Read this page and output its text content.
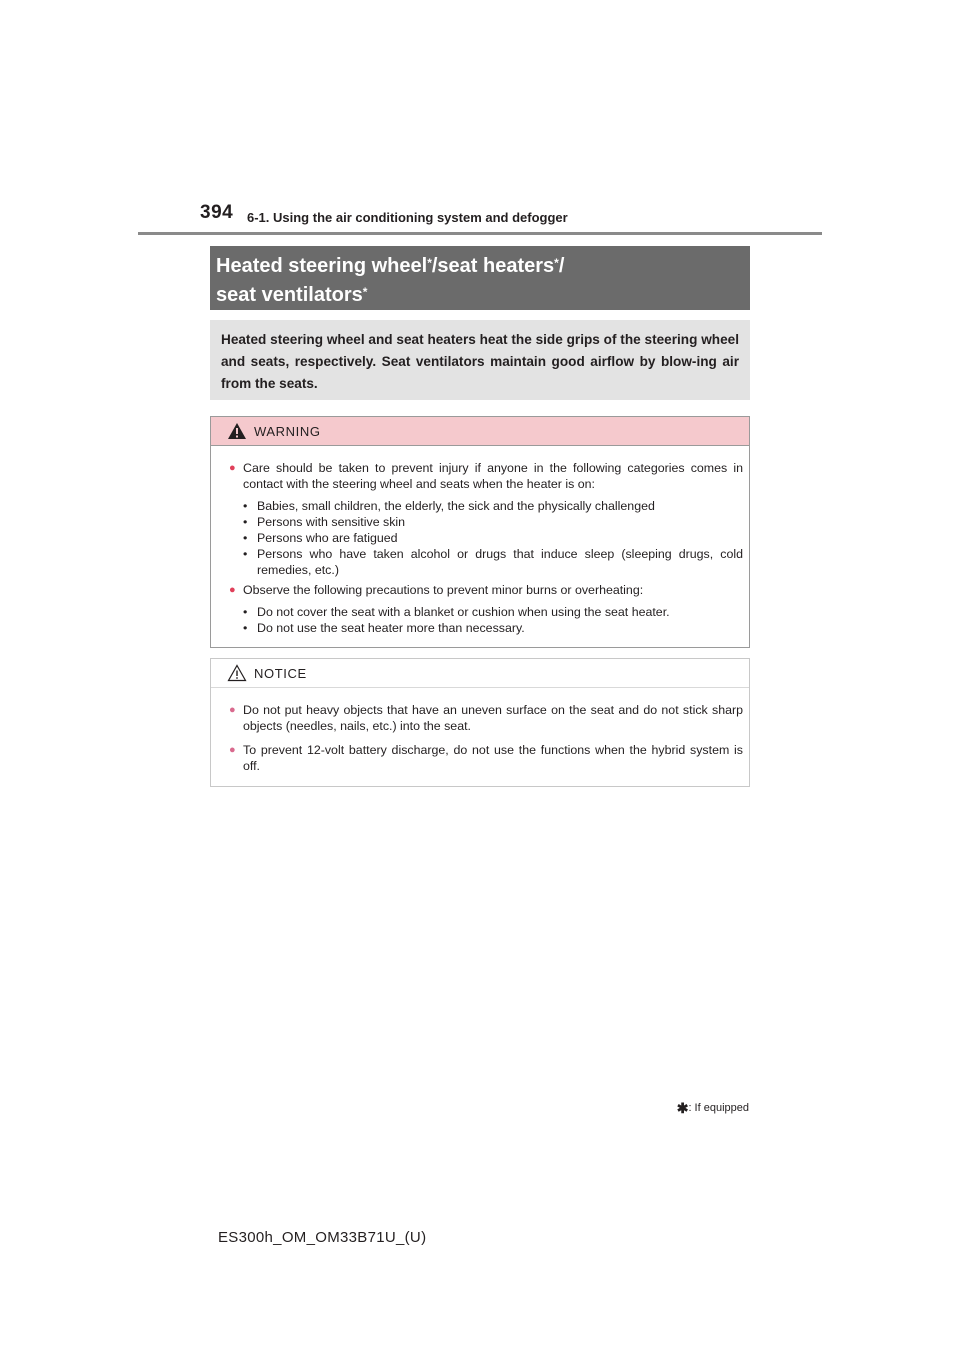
394 6-1. Using the air conditioning system and defogger
Heated steering wheel*/seat heaters*/
seat ventilators*
Heated steering wheel and seat heaters heat the side grips of the steering wheel and seats, respectively. Seat ventilators maintain good airflow by blow-ing air from the seats.
WARNING
● Care should be taken to prevent injury if anyone in the following categories comes in contact with the steering wheel and seats when the heater is on:
• Babies, small children, the elderly, the sick and the physically challenged
• Persons with sensitive skin
• Persons who are fatigued
• Persons who have taken alcohol or drugs that induce sleep (sleeping drugs, cold remedies, etc.)
● Observe the following precautions to prevent minor burns or overheating:
• Do not cover the seat with a blanket or cushion when using the seat heater.
• Do not use the seat heater more than necessary.
NOTICE
● Do not put heavy objects that have an uneven surface on the seat and do not stick sharp objects (needles, nails, etc.) into the seat.
● To prevent 12-volt battery discharge, do not use the functions when the hybrid system is off.
✱: If equipped
ES300h_OM_OM33B71U_(U)
